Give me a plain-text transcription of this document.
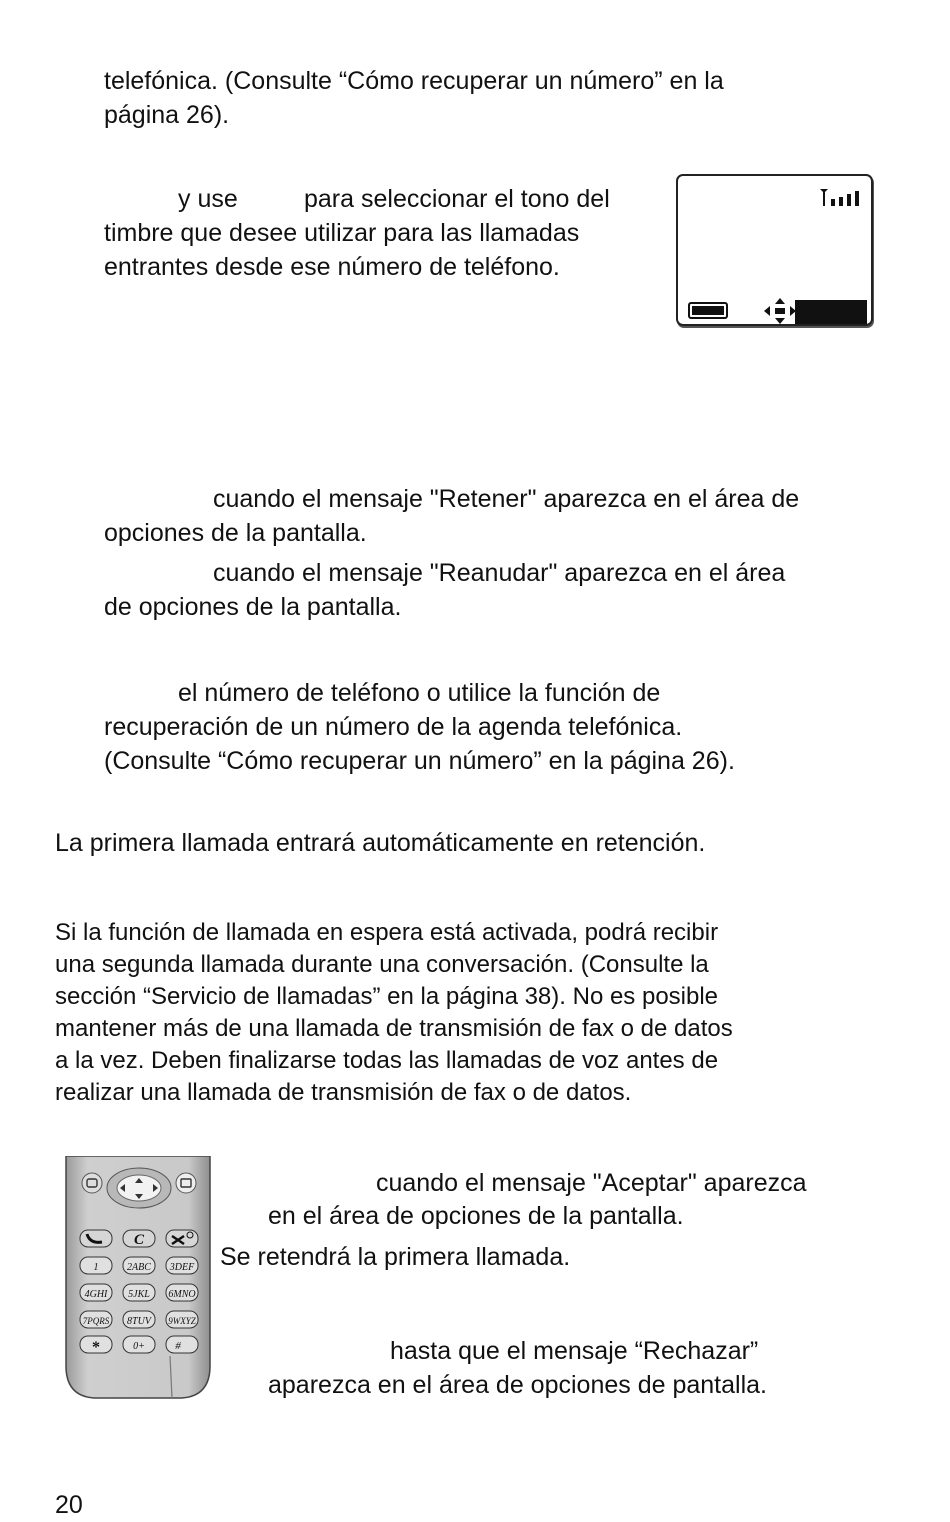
telefónica. (Consulte “Cómo recuperar un número” en la

página 26).

y use	para seleccionar el tono del

timbre que desee utilizar para las llamadas

entrantes desde ese número de teléfono.

cuando el mensaje "Retener" aparezca en el área de

opciones de la pantalla.

cuando el mensaje "Reanudar" aparezca en el área

de opciones de la pantalla.

el número de teléfono o utilice la función de

recuperación de un número de la agenda telefónica.

(Consulte “Cómo recuperar un número” en la página 26).

La primera llamada entrará automáticamente en retención.

Si la función de llamada en espera está activada, podrá recibir

una segunda llamada durante una conversación. (Consulte la

sección “Servicio de llamadas” en la página 38). No es posible

mantener más de una llamada de transmisión de fax o de datos

a la vez. Deben finalizarse todas las llamadas de voz antes de

realizar una llamada de transmisión de fax o de datos.

C
1	2ABC 3DEF
4GHI 5JKL 6MNO
7PQRS 8TUV 9WXYZ
*	0+	#

cuando el mensaje "Aceptar" aparezca

en el área de opciones de la pantalla.

Se retendrá la primera llamada.

hasta que el mensaje “Rechazar”

aparezca en el área de opciones de pantalla.

20
